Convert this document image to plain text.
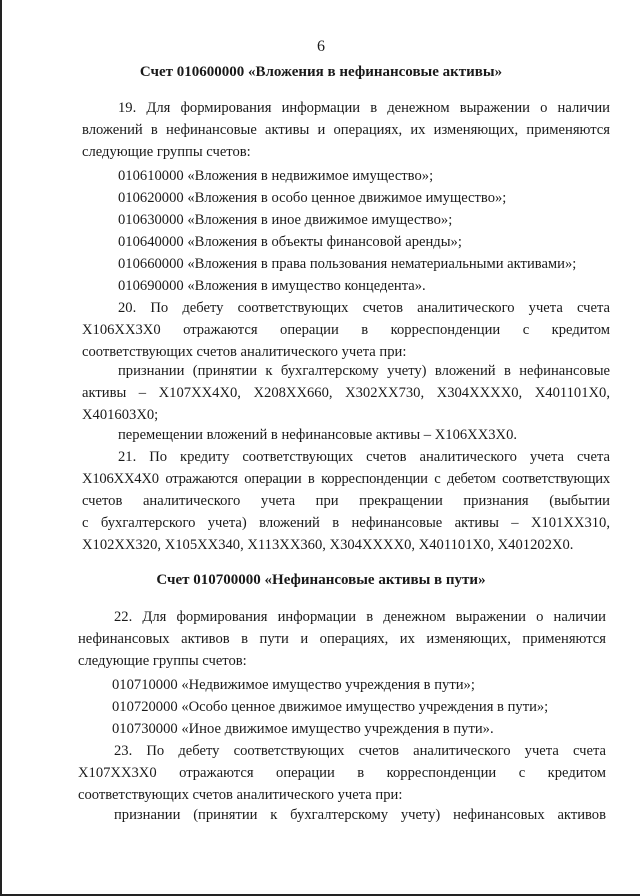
6
Счет 010600000 «Вложения в нефинансовые активы»
19. Для формирования информации в денежном выражении о наличии
вложений в нефинансовые активы и операциях, их изменяющих, применяются
следующие группы счетов:
010610000 «Вложения в недвижимое имущество»;
010620000 «Вложения в особо ценное движимое имущество»;
010630000 «Вложения в иное движимое имущество»;
010640000 «Вложения в объекты финансовой аренды»;
010660000 «Вложения в права пользования нематериальными активами»;
010690000 «Вложения в имущество концедента».
20. По дебету соответствующих счетов аналитического учета счета
Х106ХХ3Х0 отражаются операции в корреспонденции с кредитом
соответствующих счетов аналитического учета при:
признании (принятии к бухгалтерскому учету) вложений в нефинансовые
активы – Х107ХХ4Х0, Х208ХХ660, Х302ХХ730, Х304ХХХХ0, Х401101Х0,
Х401603Х0;
перемещении вложений в нефинансовые активы – Х106ХХ3Х0.
21. По кредиту соответствующих счетов аналитического учета счета
Х106ХХ4Х0 отражаются операции в корреспонденции с дебетом соответствующих
счетов аналитического учета при прекращении признания (выбытии
с бухгалтерского учета) вложений в нефинансовые активы – Х101ХХ310,
Х102ХХ320, Х105ХХ340, Х113ХХ360, Х304ХХХХ0, Х401101Х0, Х401202Х0.
Счет 010700000 «Нефинансовые активы в пути»
22. Для формирования информации в денежном выражении о наличии
нефинансовых активов в пути и операциях, их изменяющих, применяются
следующие группы счетов:
010710000 «Недвижимое имущество учреждения в пути»;
010720000 «Особо ценное движимое имущество учреждения в пути»;
010730000 «Иное движимое имущество учреждения в пути».
23. По дебету соответствующих счетов аналитического учета счета
Х107ХХ3Х0 отражаются операции в корреспонденции с кредитом
соответствующих счетов аналитического учета при:
признании (принятии к бухгалтерскому учету) нефинансовых активов
